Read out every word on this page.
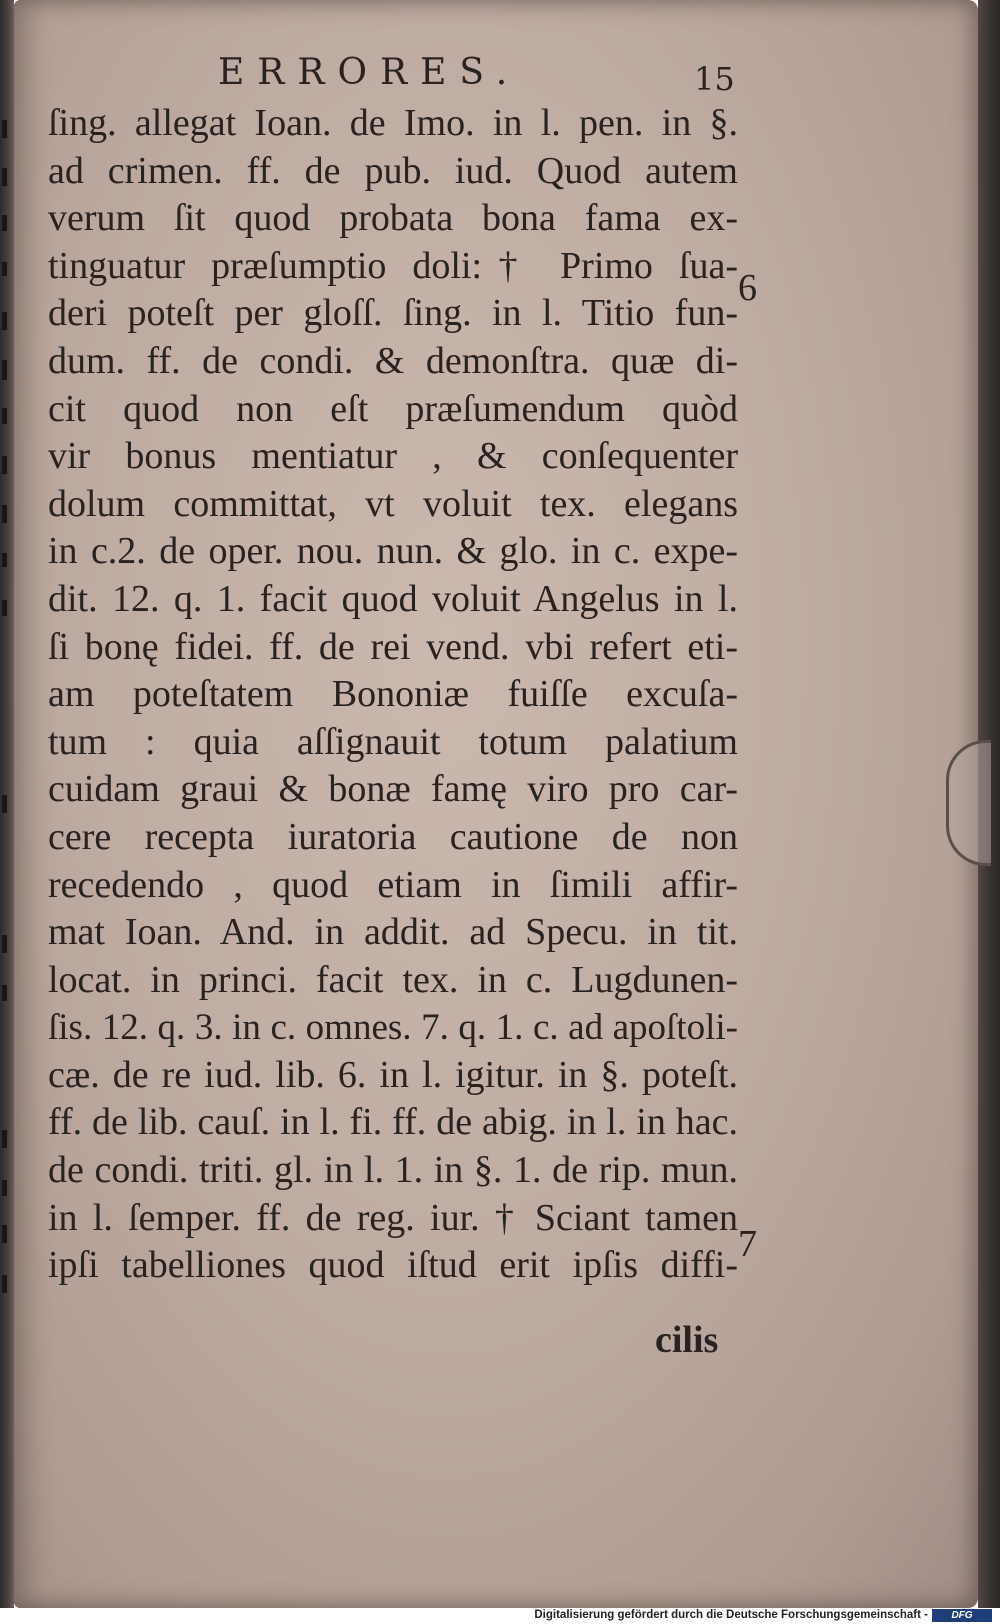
ERRORES.	15
ſing. allegat Ioan. de Imo. in l. pen. in §.
ad crimen. ff. de pub. iud. Quod autem
verum ſit quod probata bona fama ex-
tinguatur præſumptio doli:† Primo ſua-
deri poteſt per gloſſ. ſing. in l. Titio fun-
dum. ff. de condi. & demonſtra. quæ di-
cit quod non eſt præſumendum quòd
vir bonus mentiatur , & conſequenter
dolum committat, vt voluit tex. elegans
in c.2. de oper. nou. nun. & glo. in c. expe-
dit. 12. q. 1. facit quod voluit Angelus in l.
ſi bonę fidei. ff. de rei vend. vbi refert eti-
am poteſtatem Bononiæ fuiſſe excuſa-
tum : quia aſſignauit totum palatium
cuidam graui & bonæ famę viro pro car-
cere recepta iuratoria cautione de non
recedendo , quod etiam in ſimili affir-
mat Ioan. And. in addit. ad Specu. in tit.
locat. in princi. facit tex. in c. Lugdunen-
ſis. 12. q. 3. in c. omnes. 7. q. 1. c. ad apoſtoli-
cæ. de re iud. lib. 6. in l. igitur. in §. poteſt.
ff. de lib. cauſ. in l. fi. ff. de abig. in l. in hac.
de condi. triti. gl. in l. 1. in §. 1. de rip. mun.
in l. ſemper. ff. de reg. iur. † Sciant tamen
ipſi tabelliones quod iſtud erit ipſis diffi-
6
7
cilis
Digitalisierung gefördert durch die Deutsche Forschungsgemeinschaft -	DFG
